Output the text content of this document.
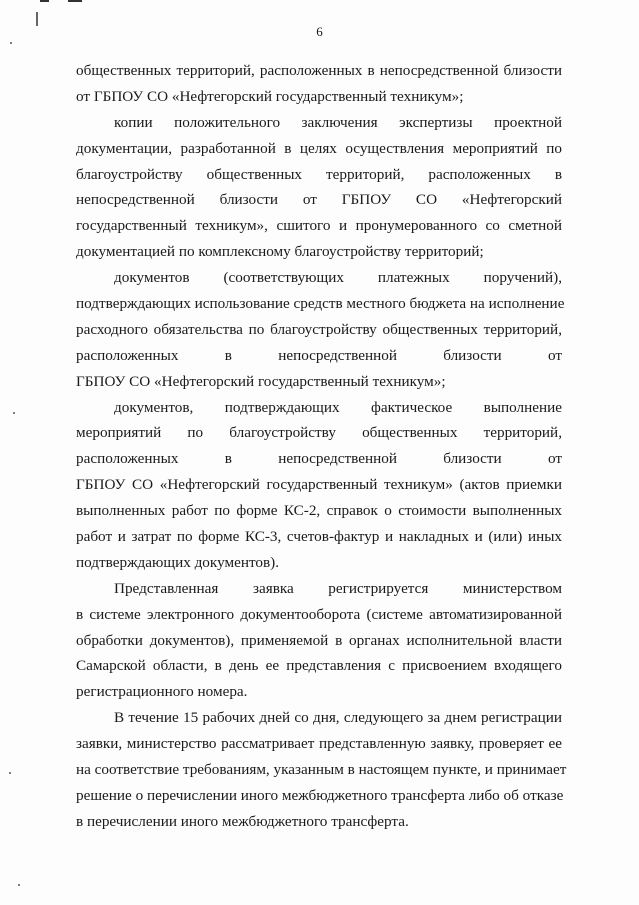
6
общественных территорий, расположенных в непосредственной близости
от ГБПОУ СО «Нефтегорский государственный техникум»;
копии положительного заключения экспертизы проектной
документации, разработанной в целях осуществления мероприятий по
благоустройству общественных территорий, расположенных в
непосредственной близости от ГБПОУ СО «Нефтегорский
государственный техникум», сшитого и пронумерованного со сметной
документацией по комплексному благоустройству территорий;
документов (соответствующих платежных поручений),
подтверждающих использование средств местного бюджета на исполнение
расходного обязательства по благоустройству общественных территорий,
расположенных в непосредственной близости от
ГБПОУ СО «Нефтегорский государственный техникум»;
документов, подтверждающих фактическое выполнение
мероприятий по благоустройству общественных территорий,
расположенных в непосредственной близости от
ГБПОУ СО «Нефтегорский государственный техникум» (актов приемки
выполненных работ по форме КС-2, справок о стоимости выполненных
работ и затрат по форме КС-3, счетов-фактур и накладных и (или) иных
подтверждающих документов).
Представленная заявка регистрируется министерством
в системе электронного документооборота (системе автоматизированной
обработки документов), применяемой в органах исполнительной власти
Самарской области, в день ее представления с присвоением входящего
регистрационного номера.
В течение 15 рабочих дней со дня, следующего за днем регистрации
заявки, министерство рассматривает представленную заявку, проверяет ее
на соответствие требованиям, указанным в настоящем пункте, и принимает
решение о перечислении иного межбюджетного трансферта либо об отказе
в перечислении иного межбюджетного трансферта.
